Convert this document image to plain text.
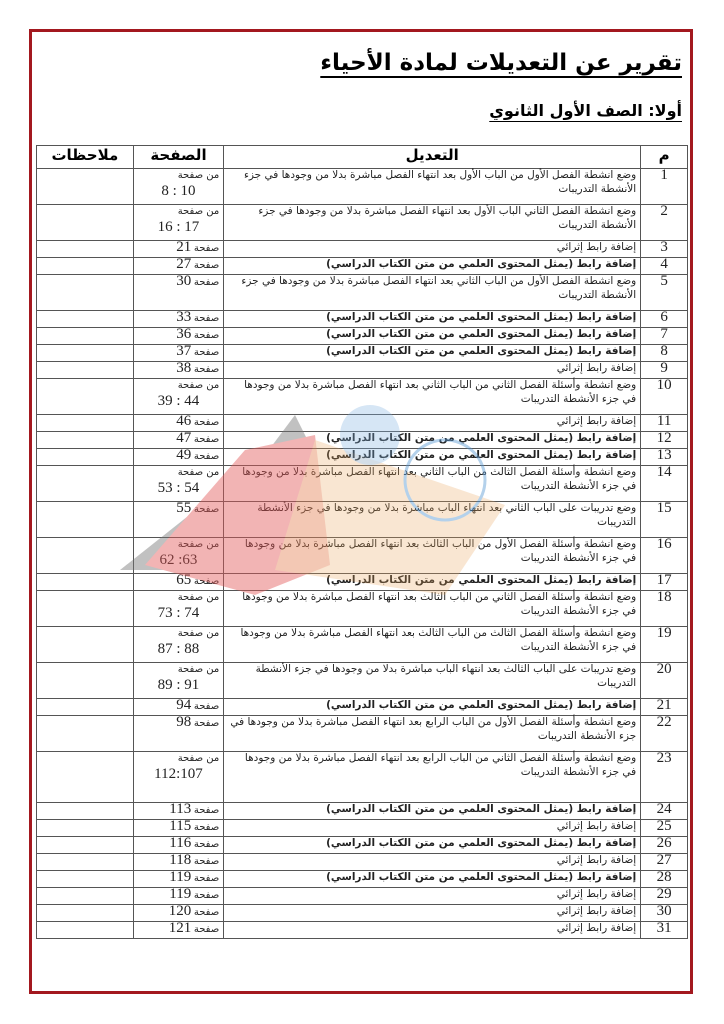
تقرير عن التعديلات لمادة الأحياء
أولا: الصف الأول الثانوي
م	التعديل	الصفحة	ملاحظات
1	وضع انشطة الفصل الأول من الباب الأول بعد انتهاء الفصل مباشرة بدلا من وجودها في جزء الأنشطة التدريبات	من صفحة
10 : 8	

2	وضع انشطة الفصل الثاني الباب الأول بعد انتهاء الفصل مباشرة بدلا من وجودها في جزء الأنشطة التدريبات	من صفحة
17 : 16	

3	إضافة رابط إثرائي	صفحة 21	
4	إضافة رابط (يمثل المحتوى العلمي من متن الكتاب الدراسي)	صفحة 27	
5	وضع انشطة الفصل الأول من الباب الثاني بعد انتهاء الفصل مباشرة بدلا من وجودها في جزء الأنشطة التدريبات	صفحة 30	
6	إضافة رابط (يمثل المحتوى العلمي من متن الكتاب الدراسي)	صفحة 33	
7	إضافة رابط (يمثل المحتوى العلمي من متن الكتاب الدراسي)	صفحة 36	
8	إضافة رابط (يمثل المحتوى العلمي من متن الكتاب الدراسي)	صفحة 37	
9	إضافة رابط إثرائي	صفحة 38	
10	وضع انشطة وأسئلة الفصل الثاني من الباب الثاني بعد انتهاء الفصل مباشرة بدلا من وجودها في جزء الأنشطة التدريبات	من صفحة
44 : 39	

11	إضافة رابط إثرائي	صفحة 46	
12	إضافة رابط (يمثل المحتوى العلمي من متن الكتاب الدراسي)	صفحة 47	
13	إضافة رابط (يمثل المحتوى العلمي من متن الكتاب الدراسي)	صفحة 49	
14	وضع انشطة وأسئلة الفصل الثالث من الباب الثاني بعد انتهاء الفصل مباشرة بدلا من وجودها في جزء الأنشطة التدريبات	من صفحة
54 : 53	

15	وضع تدريبات على الباب الثاني بعد انتهاء الباب مباشرة بدلا من وجودها في جزء الأنشطة التدريبات	صفحة 55	
16	وضع انشطة وأسئلة الفصل الأول من الباب الثالث بعد انتهاء الفصل مباشرة بدلا من وجودها في جزء الأنشطة التدريبات	من صفحة
63: 62	

17	إضافة رابط (يمثل المحتوى العلمي من متن الكتاب الدراسي)	صفحة 65	
18	وضع انشطة وأسئلة الفصل الثاني من الباب الثالث بعد انتهاء الفصل مباشرة بدلا من وجودها في جزء الأنشطة التدريبات	من صفحة
74 : 73	

19	وضع انشطة وأسئلة الفصل الثالث من الباب الثالث بعد انتهاء الفصل مباشرة بدلا من وجودها في جزء الأنشطة التدريبات	من صفحة
88 : 87	

20	وضع تدريبات على الباب الثالث بعد انتهاء الباب مباشرة بدلا من وجودها في جزء الأنشطة التدريبات	من صفحة
91 : 89	

21	إضافة رابط (يمثل المحتوى العلمي من متن الكتاب الدراسي)	صفحة 94	
22	وضع انشطة وأسئلة الفصل الأول من الباب الرابع بعد انتهاء الفصل مباشرة بدلا من وجودها في جزء الأنشطة التدريبات	صفحة 98	
23	وضع انشطة وأسئلة الفصل الثاني من الباب الرابع بعد انتهاء الفصل مباشرة بدلا من وجودها في جزء الأنشطة التدريبات	من صفحة
112:107	

24	إضافة رابط (يمثل المحتوى العلمي من متن الكتاب الدراسي)	صفحة 113	
25	إضافة رابط إثرائي	صفحة 115	
26	إضافة رابط (يمثل المحتوى العلمي من متن الكتاب الدراسي)	صفحة 116	
27	إضافة رابط إثرائي	صفحة 118	
28	إضافة رابط (يمثل المحتوى العلمي من متن الكتاب الدراسي)	صفحة 119	
29	إضافة رابط إثرائي	صفحة 119	
30	إضافة رابط إثرائي	صفحة 120	
31	إضافة رابط إثرائي	صفحة 121	
